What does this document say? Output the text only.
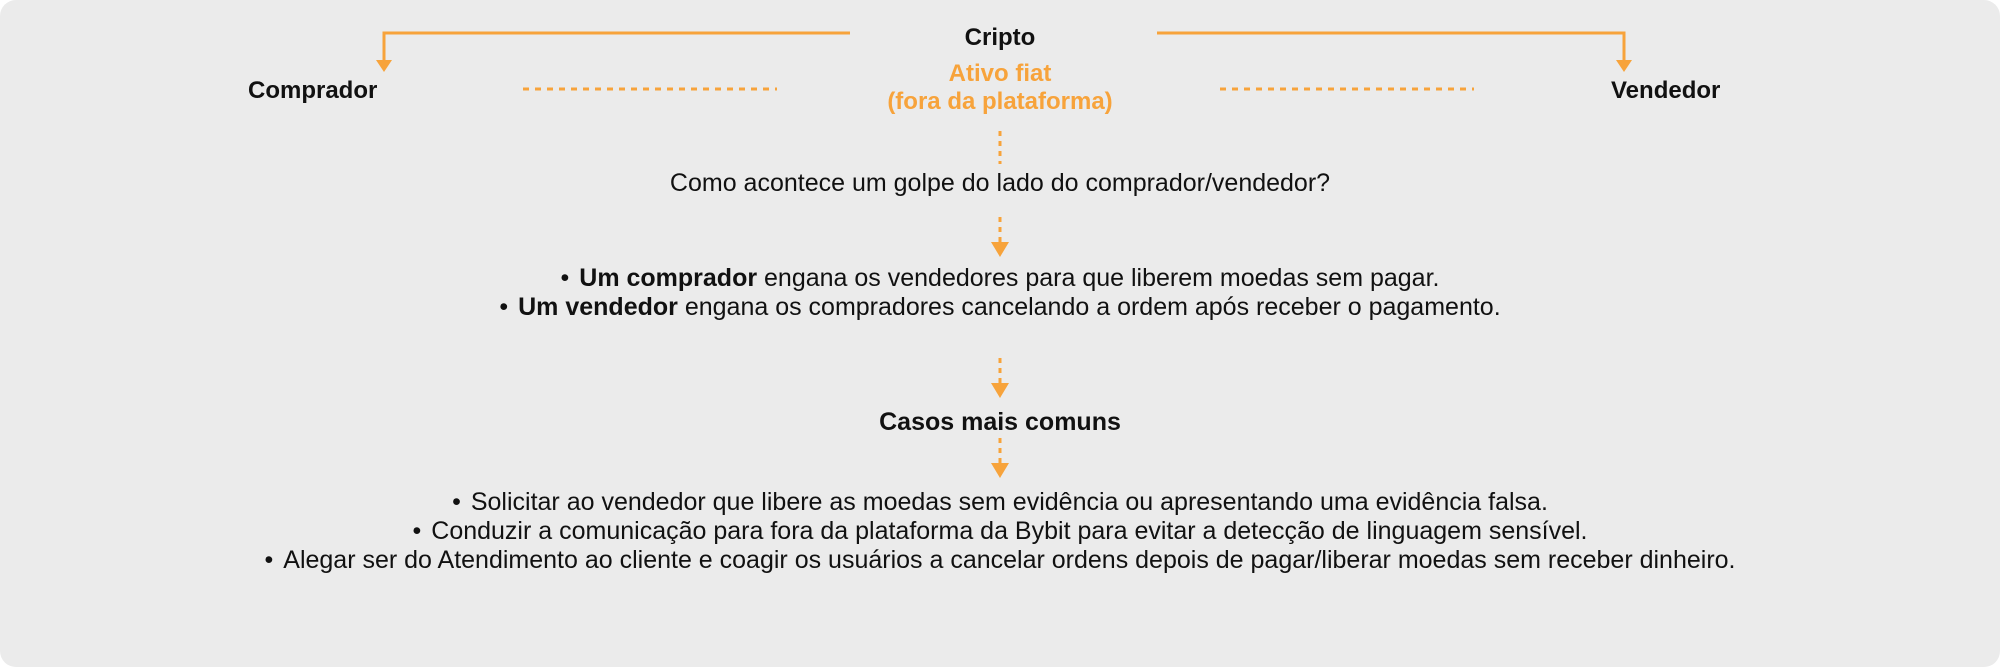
Cripto
Comprador	Vendedor
Ativo fiat
(fora da plataforma)
Como acontece um golpe do lado do comprador/vendedor?
• Um comprador engana os vendedores para que liberem moedas sem pagar.
• Um vendedor engana os compradores cancelando a ordem após receber o pagamento.
Casos mais comuns
• Solicitar ao vendedor que libere as moedas sem evidência ou apresentando uma evidência falsa.
• Conduzir a comunicação para fora da plataforma da Bybit para evitar a detecção de linguagem sensível.
• Alegar ser do Atendimento ao cliente e coagir os usuários a cancelar ordens depois de pagar/liberar moedas sem receber dinheiro.
